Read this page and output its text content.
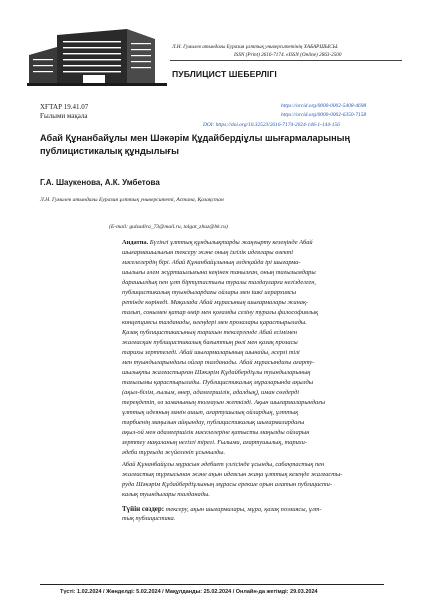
Л.Н. Гумилев атындағы Еуразия ұлттық университетінің ХАБАРШЫСЫ.
ISSN (Print) 2616-7174. eISSN (Online) 2663-2500
ПУБЛИЦИСТ ШЕБЕРЛІГІ
ХҒТАР 19.41.07
Ғылыми мақала
https://orcid.org/0000-0002-5408-4698
https://orcid.org/0000-0002-6350-7158
DOI: https://doi.org/10.32523/2616-7174-2024-146-1-144-156
Абай Құнанбайұлы мен Шәкәрім Құдайбердіұлы шығармаларының
публицистикалық құндылығы
Г.А. Шаукенова, А.К. Умбетова
Л.Н. Гумилев атындағы Еуразия ұлттық университеті, Астана, Қазақстан
(E-mail: gulzadira_73@mail.ru, talgat_zhuz@bk.ru)
Андатпа. Бүгінгі ұлттық құндылықтарды жаңғырту кезеңінде Абай
шығармашылығын тексеру және оның ізгілік идеялары өзекті
мәселелердің бірі. Абай Құнанбайұлының әлдеқайда ірі шығарма-
шылығы әлем жұртшылығына кеңінен танылған, оның тағылымдары
дарашылдық пен ұлт біртұтастығы туралы талдауларға негізделген,
публицистикалық туындылардағы ойлары мен ішкі иерархиясы
ретінде көрінеді. Мақалада Абай мұрасының шығармалары жинақ-
талып, сонымен қатар өмір мен қоғамды сезіну туралы философиялық
концепциясы талданады, өлеңдері мен прозалары қарастырылады.
Қазақ публицистикасының тарихын тексергенде Абай есімімен
жалғасқан публицистикалық бағыттың рөлі мен қазақ прозасы
тарихы зерттеледі. Абай шығармаларының шынайы, әсерлі тілі
мен туындыларындағы ойлар талданады. Абай мұрасындағы ағарту-
шылықты жалғастырған Шәкәрім Құдайбердіұлы туындыларының
тағылымы қарастырылады. Публицистикалық мұраларында ақылды
(ақыл-білім, ғылым, өнер, адамгершілік, адалдық), иман сөздерді
тереңдетіп, өз заманының толғауын жеткізді. Ақын шығармаларындағы
ұлттық идеяның мәнін ашып, ағартушылық ойлардың, ұлттық
тәрбиенің маңызын айқындау, публицистикалық шығармалардағы
ақыл-ой мен адамгершілік мәселелеріне қатысты маңызды ойларын
зерттеу мақаланың негізгі тірегі. Ғылыми, ағартушылық, тарихи-
әдеби тұрғыда жүйеленіп ұсынылды.
Абай Құнанбайұлы мұрасын әдебиет үлгісінде ұсынды, сабақтастық пен
жалғастық тұрғысынан және ақын идеясын жаңа ұлттық кезеңде жалғасты-
руда Шәкәрім Құдайбердіұлының мұрасы ерекше орын алатын публицисти-
калық туындылары талданады.
Түйін сөздер: тексеру, ақын шығармалары, мұра, қазақ поэзиясы, ұлт-
тық публицистика.
Түсті: 1.02.2024 / Жөнделді: 5.02.2024 / Мақұлданды: 25.02.2024 / Онлайн-да жетімді: 29.03.2024
